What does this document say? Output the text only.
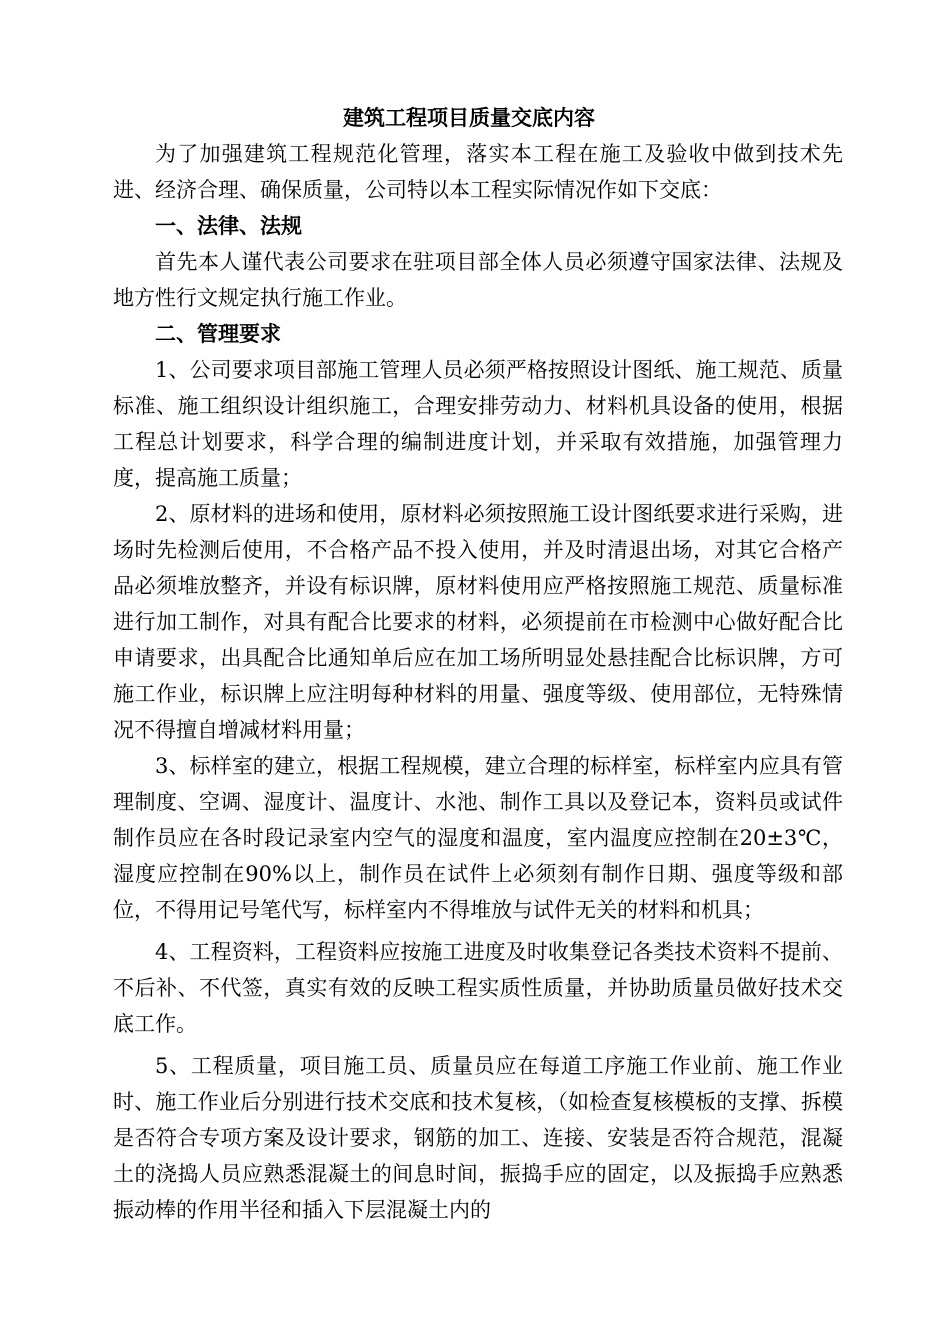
建筑工程项目质量交底内容

为了加强建筑工程规范化管理，落实本工程在施工及验收中做到技术先进、经济合理、确保质量，公司特以本工程实际情况作如下交底：

一、法律、法规

首先本人谨代表公司要求在驻项目部全体人员必须遵守国家法律、法规及地方性行文规定执行施工作业。

二、管理要求

1、公司要求项目部施工管理人员必须严格按照设计图纸、施工规范、质量标准、施工组织设计组织施工，合理安排劳动力、材料机具设备的使用，根据工程总计划要求，科学合理的编制进度计划，并采取有效措施，加强管理力度，提高施工质量；

2、原材料的进场和使用，原材料必须按照施工设计图纸要求进行采购，进场时先检测后使用，不合格产品不投入使用，并及时清退出场，对其它合格产品必须堆放整齐，并设有标识牌，原材料使用应严格按照施工规范、质量标准进行加工制作，对具有配合比要求的材料，必须提前在市检测中心做好配合比申请要求，出具配合比通知单后应在加工场所明显处悬挂配合比标识牌，方可施工作业，标识牌上应注明每种材料的用量、强度等级、使用部位，无特殊情况不得擅自增减材料用量；

3、标样室的建立，根据工程规模，建立合理的标样室，标样室内应具有管理制度、空调、湿度计、温度计、水池、制作工具以及登记本，资料员或试件制作员应在各时段记录室内空气的湿度和温度，室内温度应控制在20±3℃，湿度应控制在90%以上，制作员在试件上必须刻有制作日期、强度等级和部位，不得用记号笔代写，标样室内不得堆放与试件无关的材料和机具；

4、工程资料，工程资料应按施工进度及时收集登记各类技术资料不提前、不后补、不代签，真实有效的反映工程实质性质量，并协助质量员做好技术交底工作。

5、工程质量，项目施工员、质量员应在每道工序施工作业前、施工作业时、施工作业后分别进行技术交底和技术复核，（如检查复核模板的支撑、拆模是否符合专项方案及设计要求，钢筋的加工、连接、安装是否符合规范，混凝土的浇捣人员应熟悉混凝土的间息时间，振捣手应的固定，以及振捣手应熟悉振动棒的作用半径和插入下层混凝土内的
